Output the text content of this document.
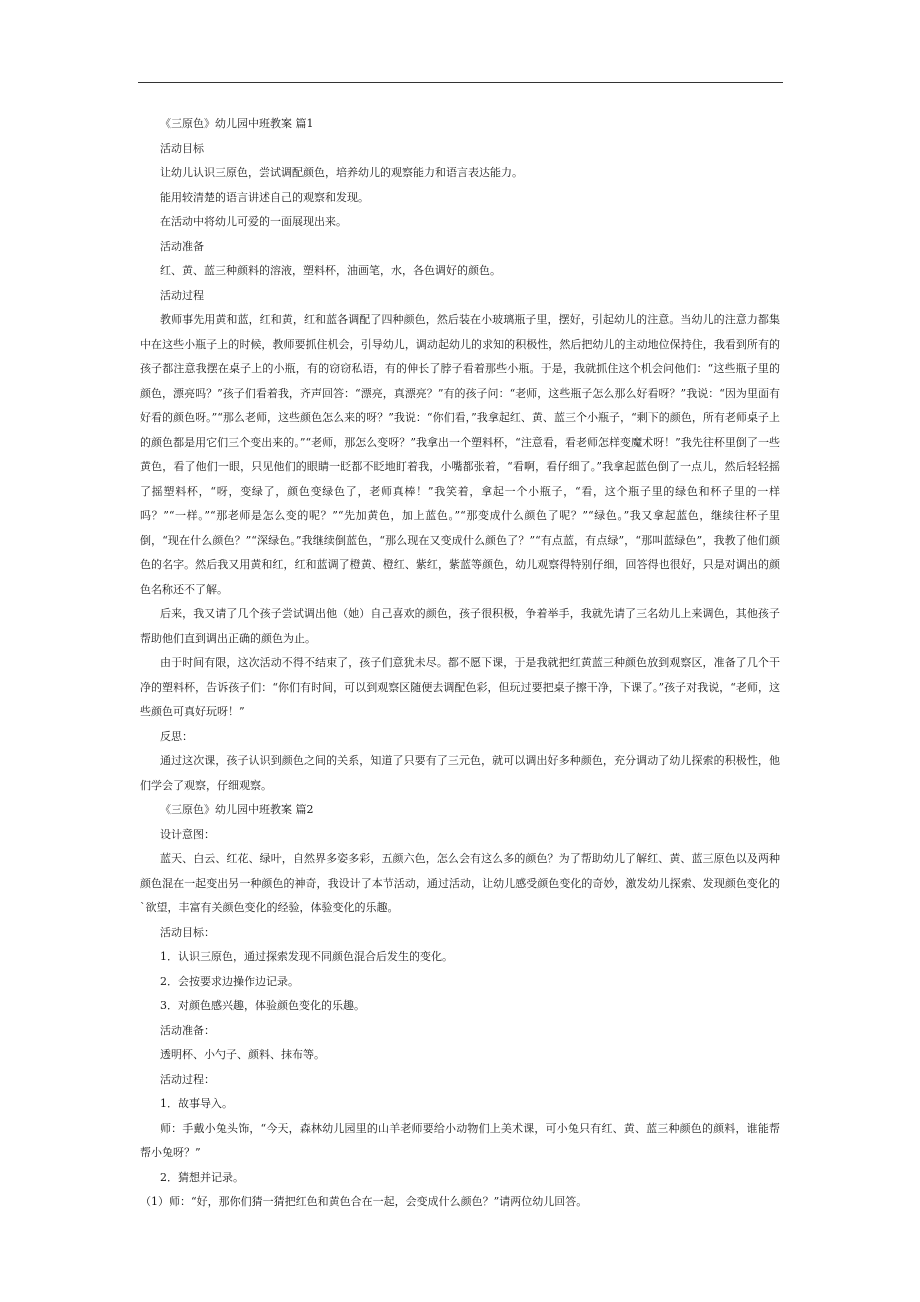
《三原色》幼儿园中班教案 篇1

活动目标

让幼儿认识三原色，尝试调配颜色，培养幼儿的观察能力和语言表达能力。

能用较清楚的语言讲述自己的观察和发现。

在活动中将幼儿可爱的一面展现出来。

活动准备

红、黄、蓝三种颜料的溶液，塑料杯，油画笔，水，各色调好的颜色。

活动过程

教师事先用黄和蓝，红和黄，红和蓝各调配了四种颜色，然后装在小玻璃瓶子里，摆好，引起幼儿的注意。当幼儿的注意力都集中在这些小瓶子上的时候，教师要抓住机会，引导幼儿，调动起幼儿的求知的积极性，然后把幼儿的主动地位保持住，我看到所有的孩子都注意我摆在桌子上的小瓶，有的窃窃私语，有的伸长了脖子看着那些小瓶。于是，我就抓住这个机会问他们：“这些瓶子里的颜色，漂亮吗？”孩子们看着我，齐声回答：“漂亮，真漂亮？”有的孩子问：“老师，这些瓶子怎么那么好看呀？”我说：“因为里面有好看的颜色呀。”“那么老师，这些颜色怎么来的呀？”我说：“你们看，”我拿起红、黄、蓝三个小瓶子，“剩下的颜色，所有老师桌子上的颜色都是用它们三个变出来的。”“老师，那怎么变呀？”我拿出一个塑料杯，“注意看，看老师怎样变魔术呀！”我先往杯里倒了一些黄色，看了他们一眼，只见他们的眼睛一眨都不眨地盯着我，小嘴都张着，“看啊，看仔细了。”我拿起蓝色倒了一点儿，然后轻轻摇了摇塑料杯，“呀，变绿了，颜色变绿色了，老师真棒！”我笑着，拿起一个小瓶子，“看，这个瓶子里的绿色和杯子里的一样吗？”“一样。”“那老师是怎么变的呢？”“先加黄色，加上蓝色。”“那变成什么颜色了呢？”“绿色。”我又拿起蓝色，继续往杯子里倒，“现在什么颜色？”“深绿色。”我继续倒蓝色，“那么现在又变成什么颜色了？”“有点蓝，有点绿”，“那叫蓝绿色”，我教了他们颜色的名字。然后我又用黄和红，红和蓝调了橙黄、橙红、紫红，紫蓝等颜色，幼儿观察得特别仔细，回答得也很好，只是对调出的颜色名称还不了解。

后来，我又请了几个孩子尝试调出他（她）自己喜欢的颜色，孩子很积极，争着举手，我就先请了三名幼儿上来调色，其他孩子帮助他们直到调出正确的颜色为止。

由于时间有限，这次活动不得不结束了，孩子们意犹未尽。都不愿下课，于是我就把红黄蓝三种颜色放到观察区，准备了几个干净的塑料杯，告诉孩子们：“你们有时间，可以到观察区随便去调配色彩，但玩过要把桌子擦干净，下课了。”孩子对我说，“老师，这些颜色可真好玩呀！”

反思：

通过这次课，孩子认识到颜色之间的关系，知道了只要有了三元色，就可以调出好多种颜色，充分调动了幼儿探索的积极性，他们学会了观察，仔细观察。

《三原色》幼儿园中班教案 篇2

设计意图：

蓝天、白云、红花、绿叶，自然界多姿多彩，五颜六色，怎么会有这么多的颜色？为了帮助幼儿了解红、黄、蓝三原色以及两种颜色混在一起变出另一种颜色的神奇，我设计了本节活动，通过活动，让幼儿感受颜色变化的奇妙，激发幼儿探索、发现颜色变化的`欲望，丰富有关颜色变化的经验，体验变化的乐趣。

活动目标：

1．认识三原色，通过探索发现不同颜色混合后发生的变化。

2．会按要求边操作边记录。

3．对颜色感兴趣，体验颜色变化的乐趣。

活动准备：

透明杯、小勺子、颜料、抹布等。

活动过程：

1．故事导入。

师：手戴小兔头饰，“今天，森林幼儿园里的山羊老师要给小动物们上美术课，可小兔只有红、黄、蓝三种颜色的颜料，谁能帮帮小兔呀？”

2．猜想并记录。

（1）师：“好，那你们猜一猜把红色和黄色合在一起，会变成什么颜色？”请两位幼儿回答。
